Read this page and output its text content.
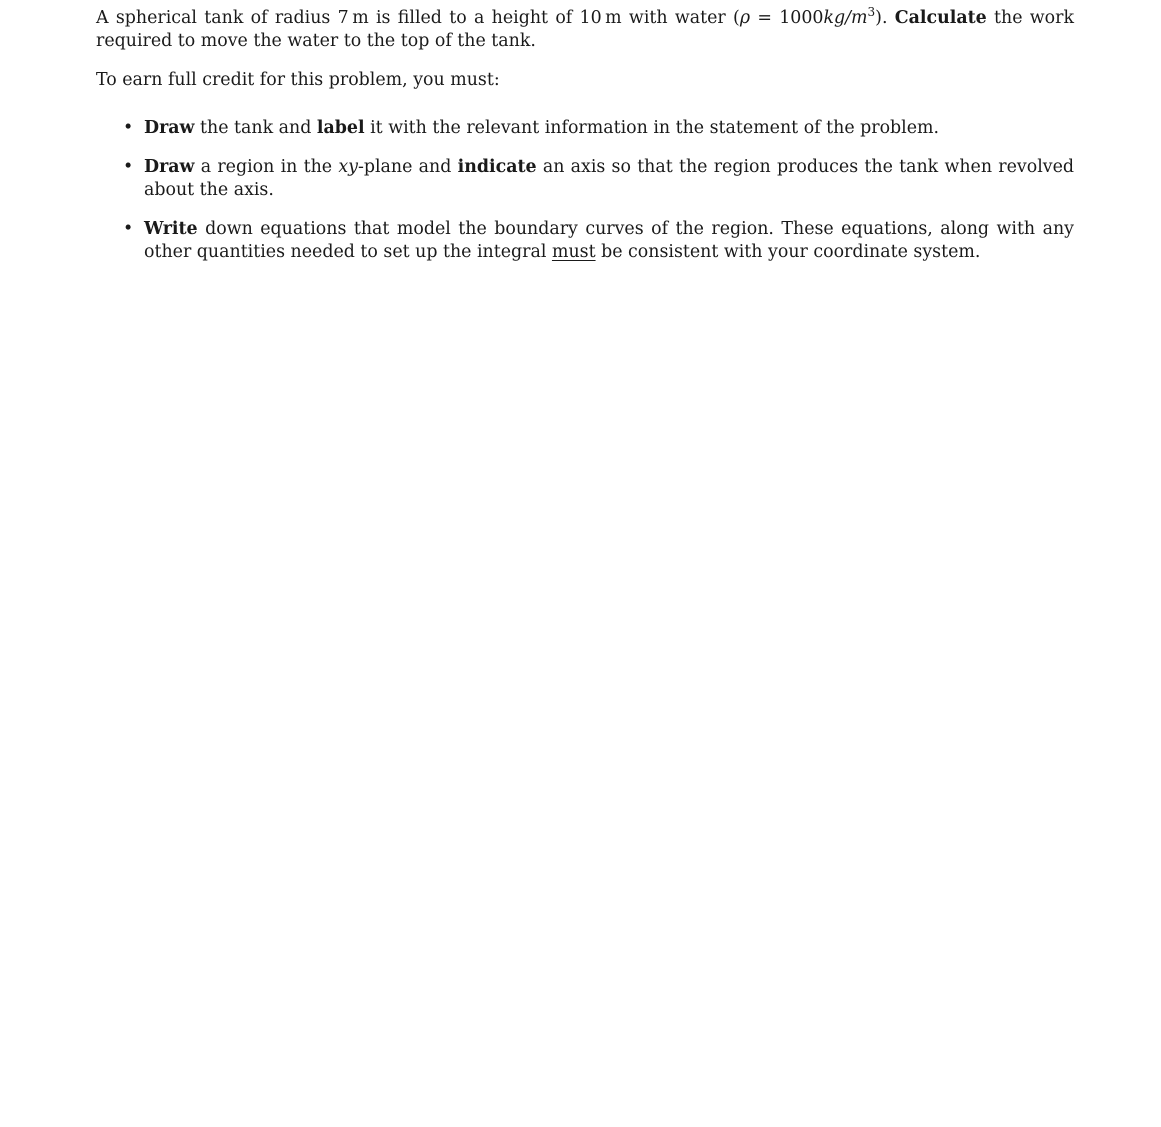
A spherical tank of radius 7 m is filled to a height of 10 m with water $(\rho = 1000kg/m^3)$. Calculate the work required to move the water to the top of the tank.

To earn full credit for this problem, you must:

• Draw the tank and label it with the relevant information in the statement of the problem.
• Draw a region in the xy-plane and indicate an axis so that the region produces the tank when revolved about the axis.
• Write down equations that model the boundary curves of the region. These equations, along with any other quantities needed to set up the integral must be consistent with your coordinate system.
